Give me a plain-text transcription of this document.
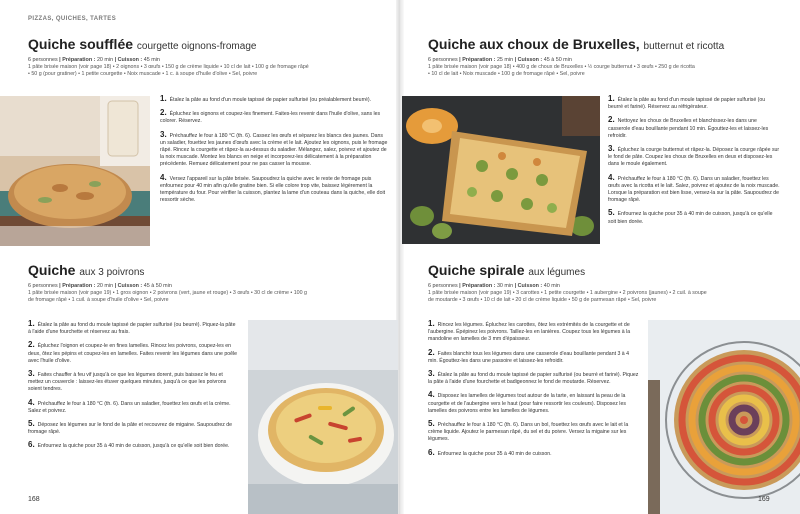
PIZZAS, QUICHES, TARTES
Quiche soufflée courgette oignons-fromage
6 personnes | Préparation : 20 min | Cuisson : 45 min
1 pâte brisée maison (voir page 18) • 2 oignons • 3 œufs • 150 g de crème liquide • 10 cl de lait • 100 g de fromage râpé
• 50 g (pour gratiner) • 1 petite courgette • Noix muscade • 1 c. à soupe d'huile d'olive • Sel, poivre
1. Étalez la pâte au fond d'un moule tapissé de papier sulfurisé (ou préalablement beurré).
2. Épluchez les oignons et coupez-les finement. Faites-les revenir dans l'huile d'olive, sans les colorer. Réservez.
3. Préchauffez le four à 180 °C (th. 6). Cassez les œufs et séparez les blancs des jaunes. Dans un saladier, fouettez les jaunes d'œufs avec la crème et le lait. Ajoutez les oignons, puis le fromage râpé. Rincez la courgette et râpez-la au-dessus du saladier. Mélangez, salez, poivrez et ajoutez de la noix muscade. Montez les blancs en neige et incorporez-les délicatement à la préparation précédente. Remuez délicatement pour ne pas casser la mousse.
4. Versez l'appareil sur la pâte brisée. Saupoudrez la quiche avec le reste de fromage puis enfournez pour 40 min afin qu'elle gratine bien. Si elle colore trop vite, baissez légèrement la température du four. Pour vérifier la cuisson, plantez la lame d'un couteau dans la quiche, elle doit ressortir sèche.
Quiche aux 3 poivrons
6 personnes | Préparation : 20 min | Cuisson : 45 à 50 min
1 pâte brisée maison (voir page 19) • 1 gros oignon • 2 poivrons (vert, jaune et rouge) • 3 œufs • 30 cl de crème • 100 g
de fromage râpé • 1 cuil. à soupe d'huile d'olive • Sel, poivre
1. Étalez la pâte au fond du moule tapissé de papier sulfurisé (ou beurré). Piquez-la pâte à l'aide d'une fourchette et réservez au frais.
2. Épluchez l'oignon et coupez-le en fines lamelles. Rincez les poivrons, coupez-les en deux, ôtez les pépins et coupez-les en lamelles. Faites revenir les légumes dans une poêle avec l'huile d'olive.
3. Faites chauffer à feu vif jusqu'à ce que les légumes dorent, puis baissez le feu et mettez un couvercle : laissez-les étuver quelques minutes, jusqu'à ce que les poivrons soient tendres.
4. Préchauffez le four à 180 °C (th. 6). Dans un saladier, fouettez les œufs et la crème. Salez et poivrez.
5. Déposez les légumes sur le fond de la pâte et recouvrez de migaine. Saupoudrez de fromage râpé.
6. Enfournez la quiche pour 35 à 40 min de cuisson, jusqu'à ce qu'elle soit bien dorée.
168
Quiche aux choux de Bruxelles, butternut et ricotta
6 personnes | Préparation : 25 min | Cuisson : 45 à 50 min
1 pâte brisée maison (voir page 18) • 400 g de choux de Bruxelles • ½ courge butternut • 3 œufs • 250 g de ricotta
• 10 cl de lait • Noix muscade • 100 g de fromage râpé • Sel, poivre
1. Étalez la pâte au fond d'un moule tapissé de papier sulfurisé (ou beurré et fariné). Réservez au réfrigérateur.
2. Nettoyez les choux de Bruxelles et blanchissez-les dans une casserole d'eau bouillante pendant 10 min. Égouttez-les et laissez-les refroidir.
3. Épluchez la courge butternut et râpez-la. Déposez la courge râpée sur le fond de pâte. Coupez les choux de Bruxelles en deux et disposez-les dans le moule également.
4. Préchauffez le four à 180 °C (th. 6). Dans un saladier, fouettez les œufs avec la ricotta et le lait. Salez, poivrez et ajoutez de la noix muscade. Lorsque la préparation est bien lisse, versez-la sur la pâte. Saupoudrez de fromage râpé.
5. Enfournez la quiche pour 35 à 40 min de cuisson, jusqu'à ce qu'elle soit bien dorée.
Quiche spirale aux légumes
6 personnes | Préparation : 30 min | Cuisson : 40 min
1 pâte brisée maison (voir page 19) • 3 carottes • 1 petite courgette • 1 aubergine • 2 poivrons (jaunes) • 2 cuil. à soupe
de moutarde • 3 œufs • 10 cl de lait • 20 cl de crème liquide • 50 g de parmesan râpé • Sel, poivre
1. Rincez les légumes. Épluchez les carottes, ôtez les extrémités de la courgette et de l'aubergine. Épépinez les poivrons. Taillez-les en lanières. Coupez tous les légumes à la mandoline en lamelles de 3 mm d'épaisseur.
2. Faites blanchir tous les légumes dans une casserole d'eau bouillante pendant 3 à 4 min. Égouttez-les dans une passoire et laissez-les refroidir.
3. Étalez la pâte au fond du moule tapissé de papier sulfurisé (ou beurré et fariné). Piquez la pâte à l'aide d'une fourchette et badigeonnez le fond de moutarde. Réservez.
4. Disposez les lamelles de légumes tout autour de la tarte, en laissant la peau de la courgette et de l'aubergine vers le haut (pour faire ressortir les couleurs). Disposez les lamelles des poivrons entre les lamelles de légumes.
5. Préchauffez le four à 180 °C (th. 6). Dans un bol, fouettez les œufs avec le lait et la crème liquide. Ajoutez le parmesan râpé, du sel et du poivre. Versez la migaine sur les légumes.
6. Enfournez la quiche pour 35 à 40 min de cuisson.
169
